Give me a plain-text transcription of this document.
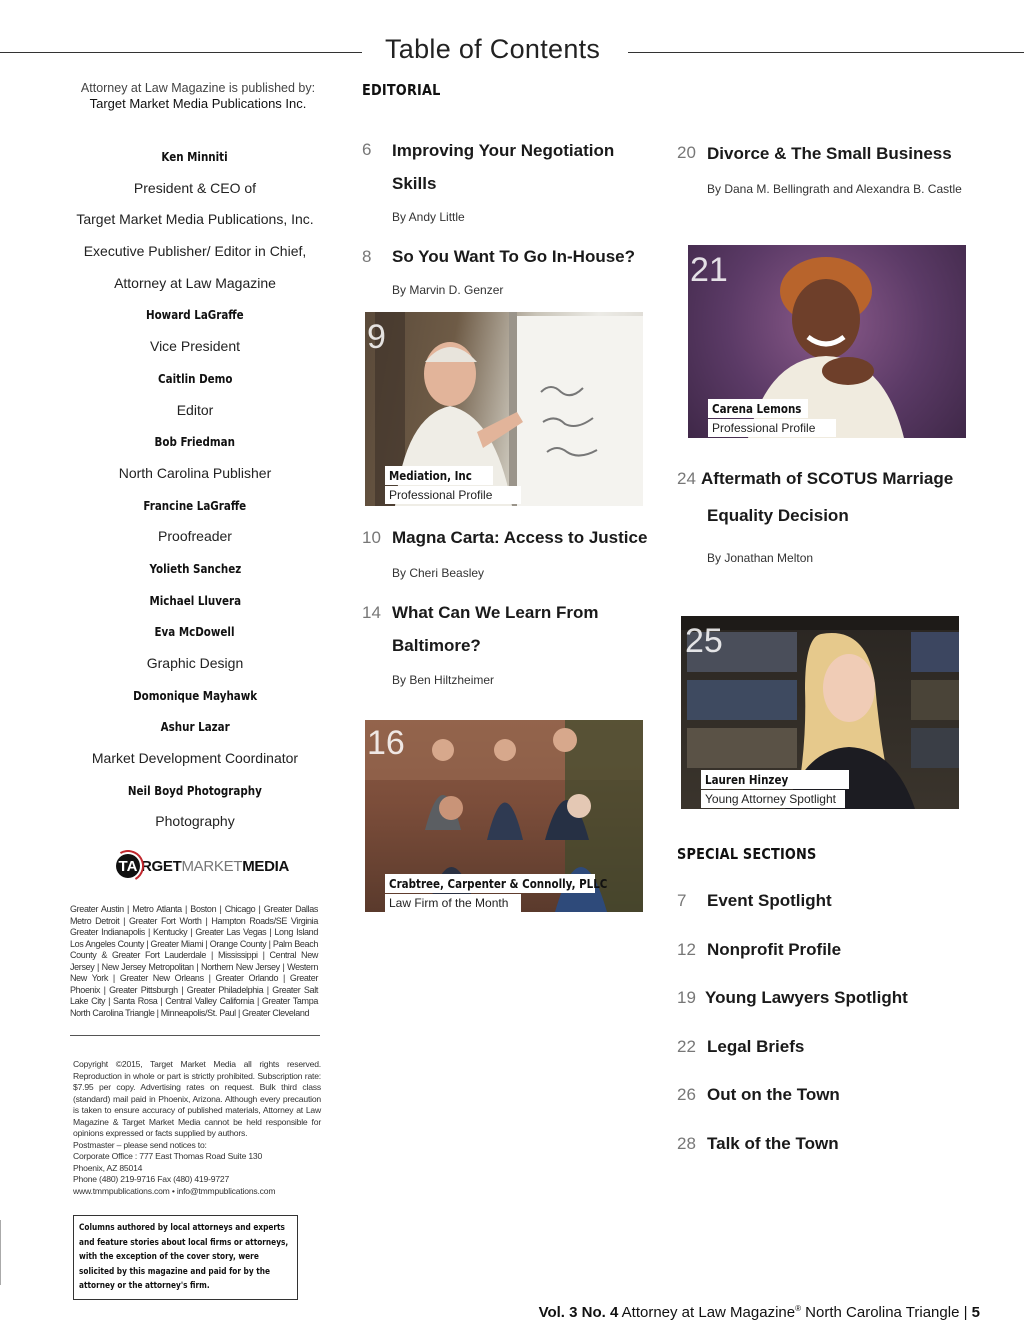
Table of Contents
Attorney at Law Magazine is published by:
Target Market Media Publications Inc.
Ken Minniti
President & CEO of
Target Market Media Publications, Inc.
Executive Publisher/ Editor in Chief,
Attorney at Law Magazine
Howard LaGraffe
Vice President
Caitlin Demo
Editor
Bob Friedman
North Carolina Publisher
Francine LaGraffe
Proofreader
Yolieth Sanchez
Michael Lluvera
Eva McDowell
Graphic Design
Domonique Mayhawk
Ashur Lazar
Market Development Coordinator
Neil Boyd Photography
Photography
TA RGETMARKETMEDIA
Greater Austin | Metro Atlanta | Boston | Chicago | Greater Dallas Metro Detroit | Greater Fort Worth | Hampton Roads/SE Virginia Greater Indianapolis | Kentucky | Greater Las Vegas | Long Island Los Angeles County | Greater Miami | Orange County | Palm Beach County & Greater Fort Lauderdale | Mississippi | Central New Jersey | New Jersey Metropolitan | Northern New Jersey | Western New York | Greater New Orleans | Greater Orlando | Greater Phoenix | Greater Pittsburgh | Greater Philadelphia | Greater Salt Lake City | Santa Rosa | Central Valley California | Greater Tampa North Carolina Triangle | Minneapolis/St. Paul | Greater Cleveland
Copyright ©2015, Target Market Media all rights reserved. Reproduction in whole or part is strictly prohibited. Subscription rate: $7.95 per copy. Advertising rates on request. Bulk third class (standard) mail paid in Phoenix, Arizona. Although every precaution is taken to ensure accuracy of published materials, Attorney at Law Magazine & Target Market Media cannot be held responsible for opinions expressed or facts supplied by authors.
Postmaster – please send notices to:
Corporate Office : 777 East Thomas Road Suite 130
Phoenix, AZ 85014
Phone (480) 219-9716 Fax (480) 419-9727
www.tmmpublications.com • info@tmmpublications.com
Columns authored by local attorneys and experts and feature stories about local firms or attorneys, with the exception of the cover story, were solicited by this magazine and paid for by the attorney or the attorney's firm.
EDITORIAL
6 Improving Your Negotiation
Skills
By Andy Little
8 So You Want To Go In-House?
By Marvin D. Genzer
9
Mediation, Inc
Professional Profile
10 Magna Carta: Access to Justice
By Cheri Beasley
14 What Can We Learn From
Baltimore?
By Ben Hiltzheimer
16
Crabtree, Carpenter & Connolly, PLLC
Law Firm of the Month
20 Divorce & The Small Business
By Dana M. Bellingrath and Alexandra B. Castle
21
Carena Lemons
Professional Profile
24 Aftermath of SCOTUS Marriage
Equality Decision
By Jonathan Melton
25
Lauren Hinzey
Young Attorney Spotlight
SPECIAL SECTIONS
7 Event Spotlight
12 Nonprofit Profile
19 Young Lawyers Spotlight
22 Legal Briefs
26 Out on the Town
28 Talk of the Town
Vol. 3 No. 4 Attorney at Law Magazine® North Carolina Triangle | 5
